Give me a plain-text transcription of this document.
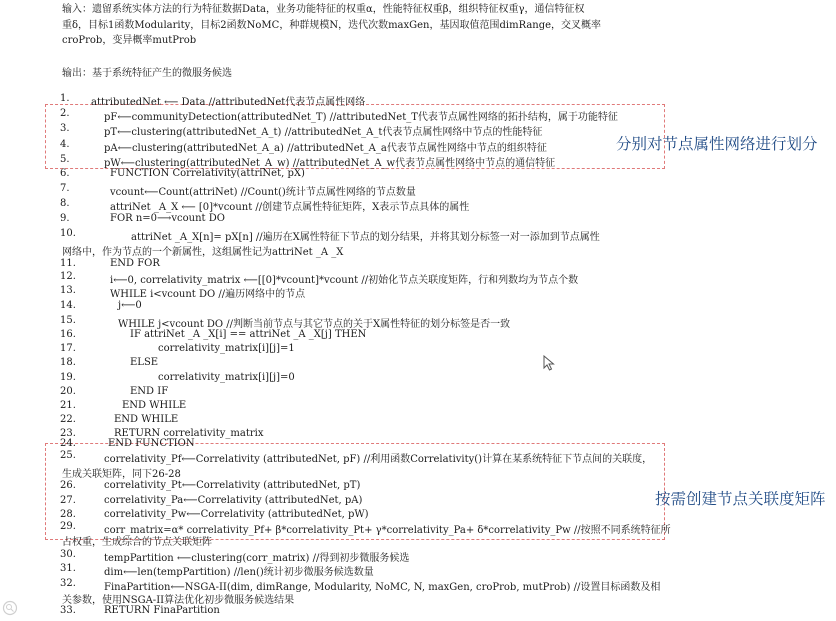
输入：遗留系统实体方法的行为特征数据Data，业务功能特征的权重α，性能特征权重β，组织特征权重γ，通信特征权
重δ，目标1函数Modularity，目标2函数NoMC，种群规模N，迭代次数maxGen，基因取值范围dimRange，交叉概率
croProb，变异概率mutProb
输出：基于系统特征产生的微服务候选
分别对节点属性网络进行划分
按需创建节点关联度矩阵
1.	attributedNet ⟵ Data //attributedNet代表节点属性网络
2.	pF⟵communityDetection(attributedNet_T) //attributedNet_T代表节点属性网络的拓扑结构，属于功能特征
3.	pT⟵clustering(attributedNet_A_t) //attributedNet_A_t代表节点属性网络中节点的性能特征
4.	pA⟵clustering(attributedNet_A_a) //attributedNet_A_a代表节点属性网络中节点的组织特征
5.	pW⟵clustering(attributedNet_A_w) //attributedNet_A_w代表节点属性网络中节点的通信特征
6.	FUNCTION Correlativity(attriNet, pX)
7.	vcount⟵Count(attriNet) //Count()统计节点属性网络的节点数量
8.	attriNet _A_X ⟵ [0]*vcount //创建节点属性特征矩阵，X表示节点具体的属性
9.	FOR n=0⟶vcount DO
10.	attriNet _A_X[n]= pX[n] //遍历在X属性特征下节点的划分结果，并将其划分标签一对一添加到节点属性
网络中，作为节点的一个新属性，这组属性记为attriNet _A _X
11.	END FOR
12.	i⟵0, correlativity_matrix ⟵[[0]*vcount]*vcount //初始化节点关联度矩阵，行和列数均为节点个数
13.	WHILE i<vcount DO //遍历网络中的节点
14.	j⟵0
15.	WHILE j<vcount DO //判断当前节点与其它节点的关于X属性特征的划分标签是否一致
16.	IF attriNet _A _X[i] == attriNet _A _X[j] THEN
17.	correlativity_matrix[i][j]=1
18.	ELSE
19.	correlativity_matrix[i][j]=0
20.	END IF
21.	END WHILE
22.	END WHILE
23.	RETURN correlativity_matrix
24.	END FUNCTION
25.	correlativity_Pf⟵Correlativity (attributedNet, pF) //利用函数Correlativity()计算在某系统特征下节点间的关联度，
生成关联矩阵，同下26-28
26.	correlativity_Pt⟵Correlativity (attributedNet, pT)
27.	correlativity_Pa⟵Correlativity (attributedNet, pA)
28.	correlativity_Pw⟵Correlativity (attributedNet, pW)
29.	corr_matrix=α* correlativity_Pf+ β*correlativity_Pt+ γ*correlativity_Pa+ δ*correlativity_Pw //按照不同系统特征所
占权重，生成综合的节点关联矩阵
30.	tempPartition ⟵clustering(corr_matrix) //得到初步微服务候选
31.	dim⟵len(tempPartition) //len()统计初步微服务候选数量
32.	FinaPartition⟵NSGA-II(dim, dimRange, Modularity, NoMC, N, maxGen, croProb, mutProb) //设置目标函数及相
关参数，使用NSGA-II算法优化初步微服务候选结果
33.	RETURN FinaPartition
